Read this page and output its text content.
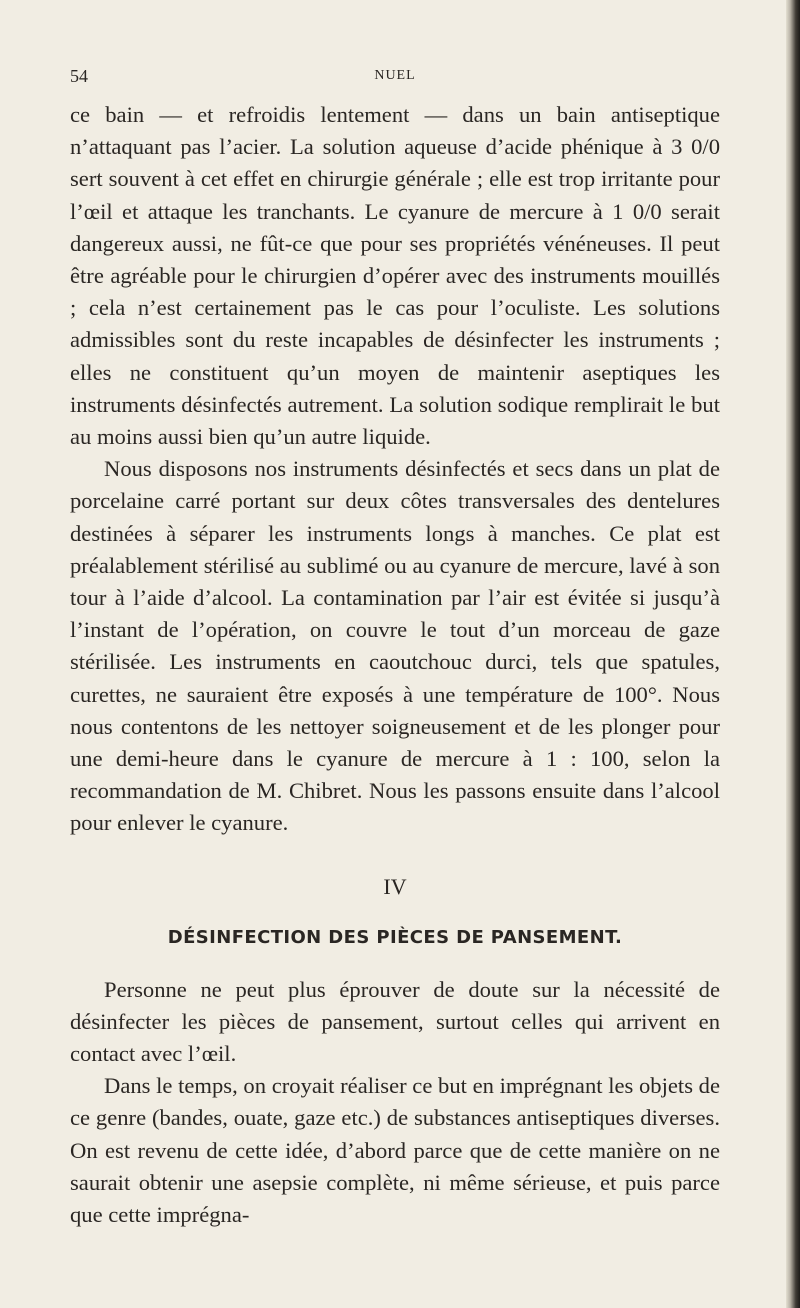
54	NUEL

ce bain — et refroidis lentement — dans un bain antiseptique n’attaquant pas l’acier. La solution aqueuse d’acide phénique à 3 0/0 sert souvent à cet effet en chirurgie générale ; elle est trop irritante pour l’œil et attaque les tranchants. Le cyanure de mercure à 1 0/0 serait dangereux aussi, ne fût-ce que pour ses propriétés vénéneuses. Il peut être agréable pour le chirurgien d’opérer avec des instruments mouillés ; cela n’est certainement pas le cas pour l’oculiste. Les solutions admissibles sont du reste incapables de désinfecter les instruments ; elles ne constituent qu’un moyen de maintenir aseptiques les instruments désinfectés autrement. La solution sodique remplirait le but au moins aussi bien qu’un autre liquide.

Nous disposons nos instruments désinfectés et secs dans un plat de porcelaine carré portant sur deux côtes transversales des dentelures destinées à séparer les instruments longs à manches. Ce plat est préalablement stérilisé au sublimé ou au cyanure de mercure, lavé à son tour à l’aide d’alcool. La contamination par l’air est évitée si jusqu’à l’instant de l’opération, on couvre le tout d’un morceau de gaze stérilisée. Les instruments en caoutchouc durci, tels que spatules, curettes, ne sauraient être exposés à une température de 100°. Nous nous contentons de les nettoyer soigneusement et de les plonger pour une demi-heure dans le cyanure de mercure à 1 : 100, selon la recommandation de M. Chibret. Nous les passons ensuite dans l’alcool pour enlever le cyanure.

IV
DÉSINFECTION DES PIÈCES DE PANSEMENT.

Personne ne peut plus éprouver de doute sur la nécessité de désinfecter les pièces de pansement, surtout celles qui arrivent en contact avec l’œil.

Dans le temps, on croyait réaliser ce but en imprégnant les objets de ce genre (bandes, ouate, gaze etc.) de substances antiseptiques diverses. On est revenu de cette idée, d’abord parce que de cette manière on ne saurait obtenir une asepsie complète, ni même sérieuse, et puis parce que cette imprégna-
